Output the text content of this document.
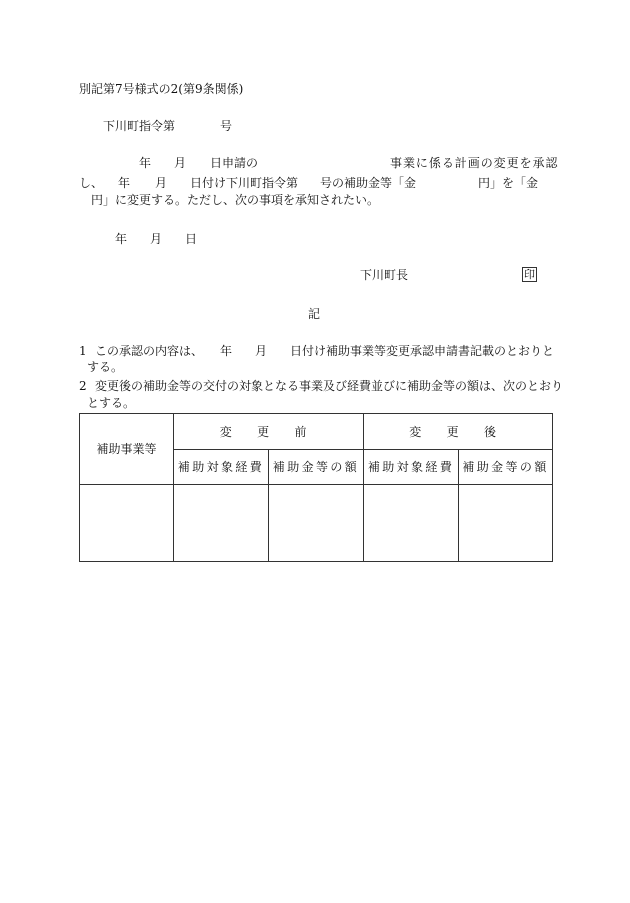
別記第7号様式の2(第9条関係)
下川町指令第	号
年 月 日申請の	事業に係る計画の変更を承認
し、 年 月 日付け下川町指令第 号の補助金等「金	円」を「金
円」に変更する。ただし、次の事項を承知されたい。
年 月 日
下川町長	印
記
1 この承認の内容は、 年 月 日付け補助事業等変更承認申請書記載のとおりと
する。
2 変更後の補助金等の交付の対象となる事業及び経費並びに補助金等の額は、次のとおり
とする。
補助事業等	変 更 前		変 更 後	
	補助対象経費	補助金等の額	補助対象経費	補助金等の額
